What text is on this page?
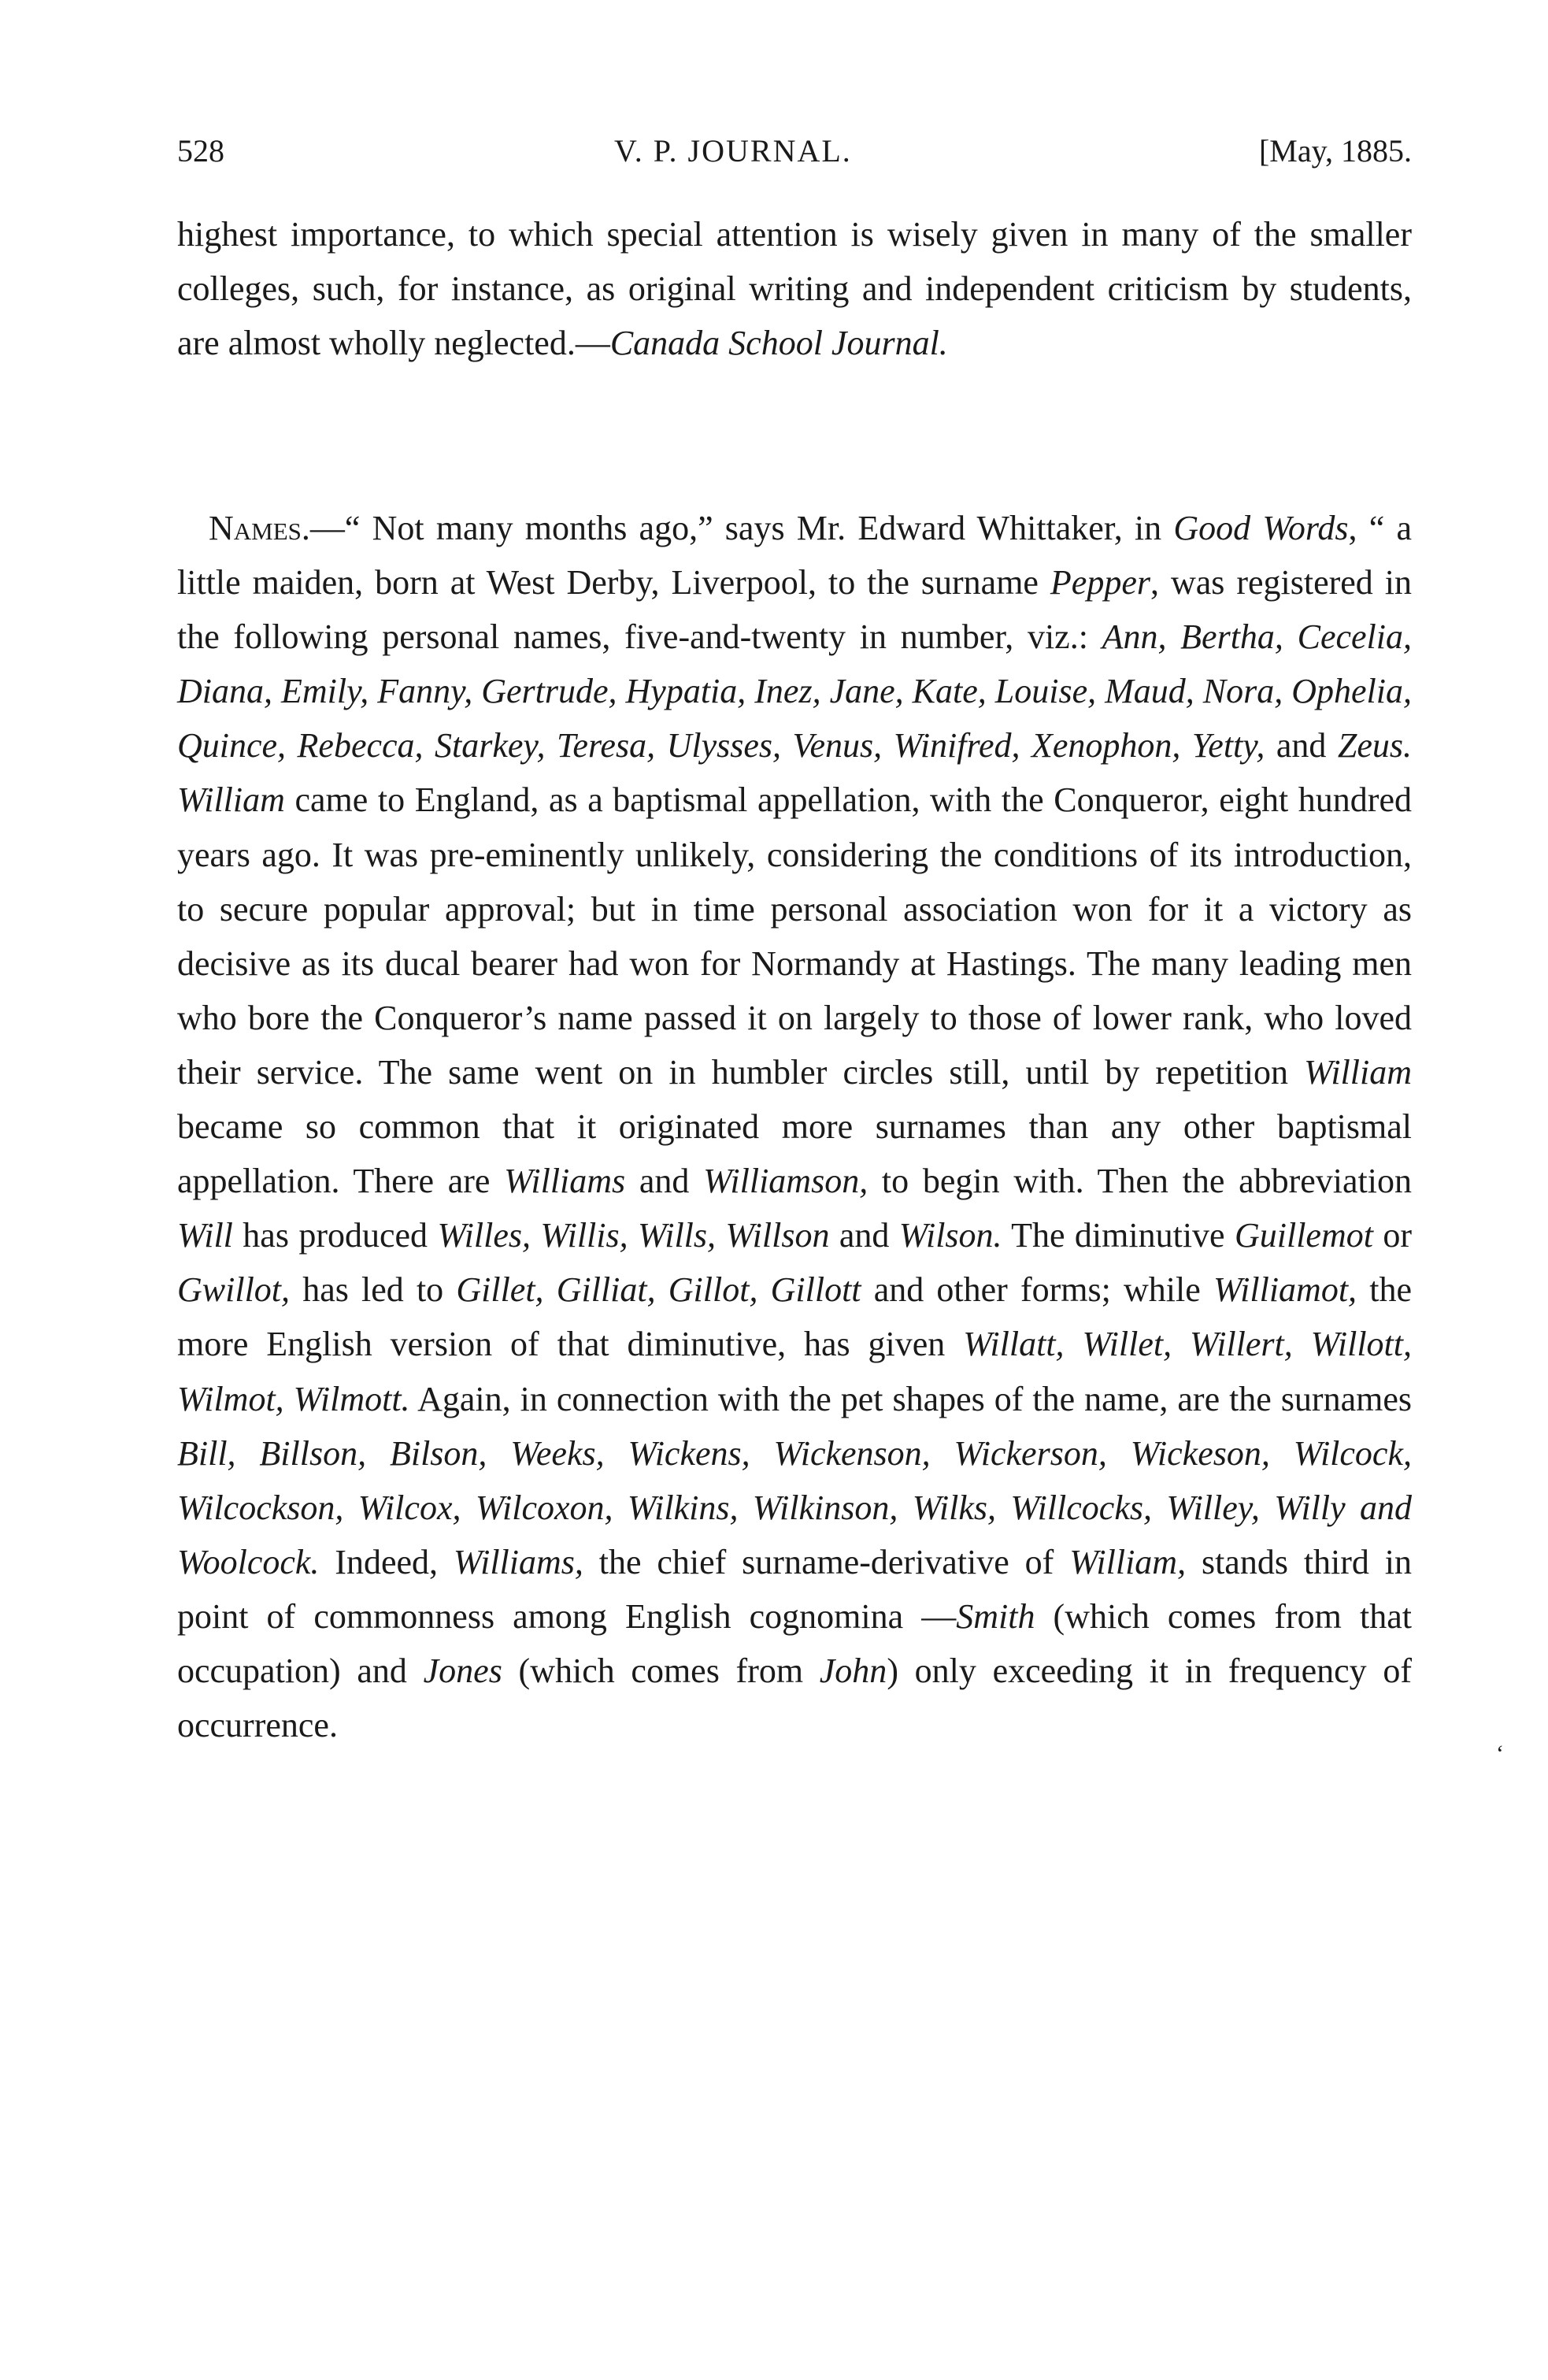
528	V. P. JOURNAL.	[May, 1885.

highest importance, to which special attention is wisely given in many of the smaller colleges, such, for instance, as original writing and independent criticism by students, are almost wholly neglected.—Canada School Journal.

Names.—“ Not many months ago,” says Mr. Edward Whittaker, in Good Words, “ a little maiden, born at West Derby, Liverpool, to the surname Pepper, was registered in the following personal names, five-and-twenty in number, viz.: Ann, Bertha, Cecelia, Diana, Emily, Fanny, Gertrude, Hypatia, Inez, Jane, Kate, Louise, Maud, Nora, Ophelia, Quince, Rebecca, Starkey, Teresa, Ulysses, Venus, Winifred, Xenophon, Yetty, and Zeus. William came to England, as a baptismal appellation, with the Conqueror, eight hundred years ago. It was pre-eminently unlikely, considering the conditions of its introduction, to secure popular approval; but in time personal association won for it a victory as decisive as its ducal bearer had won for Normandy at Hastings. The many leading men who bore the Conqueror’s name passed it on largely to those of lower rank, who loved their service. The same went on in humbler circles still, until by repetition William became so common that it originated more surnames than any other baptismal appellation. There are Williams and Williamson, to begin with. Then the abbreviation Will has produced Willes, Willis, Wills, Willson and Wilson. The diminutive Guillemot or Gwillot, has led to Gillet, Gilliat, Gillot, Gillott and other forms; while Williamot, the more English version of that diminutive, has given Willatt, Willet, Willert, Willott, Wilmot, Wilmott. Again, in connection with the pet shapes of the name, are the surnames Bill, Billson, Bilson, Weeks, Wickens, Wickenson, Wickerson, Wickeson, Wilcock, Wilcockson, Wilcox, Wilcoxon, Wilkins, Wilkinson, Wilks, Willcocks, Willey, Willy and Woolcock. Indeed, Williams, the chief surname-derivative of William, stands third in point of commonness among English cognomina —Smith (which comes from that occupation) and Jones (which comes from John) only exceeding it in frequency of occurrence.

‘
